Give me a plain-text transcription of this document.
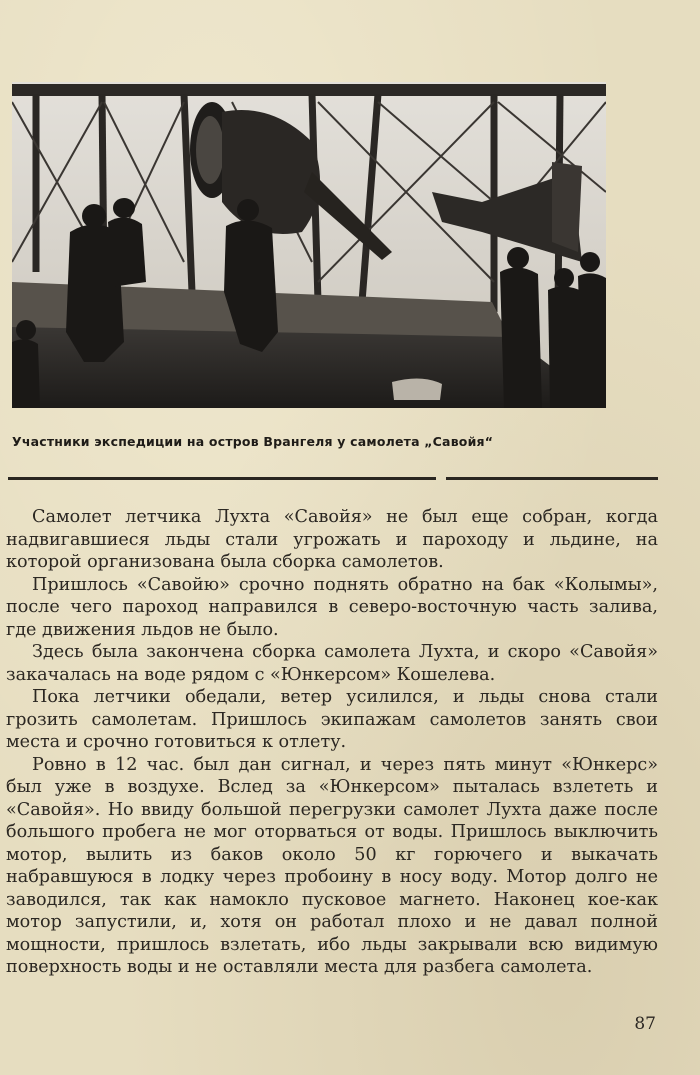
Участники экспедиции на остров Врангеля у самолета „Савойя“

Самолет летчика Лухта «Савойя» не был еще собран, когда надвигавшиеся льды стали угрожать и пароходу и льдине, на которой организована была сборка самолетов.

Пришлось «Савойю» срочно поднять обратно на бак «Колымы», после чего пароход направился в северо-восточную часть залива, где движения льдов не было.

Здесь была закончена сборка самолета Лухта, и скоро «Савойя» закачалась на воде рядом с «Юнкерсом» Кошелева.

Пока летчики обедали, ветер усилился, и льды снова стали грозить самолетам. Пришлось экипажам самолетов занять свои места и срочно готовиться к отлету.

Ровно в 12 час. был дан сигнал, и через пять минут «Юнкерс» был уже в воздухе. Вслед за «Юнкерсом» пыталась взлететь и «Савойя». Но ввиду большой перегрузки самолет Лухта даже после большого пробега не мог оторваться от воды. Пришлось выключить мотор, вылить из баков около 50 кг горючего и выкачать набравшуюся в лодку через пробоину в носу воду. Мотор долго не заводился, так как намокло пусковое магнето. Наконец кое-как мотор запустили, и, хотя он работал плохо и не давал полной мощности, пришлось взлетать, ибо льды закрывали всю видимую поверхность воды и не оставляли места для разбега самолета.

87
